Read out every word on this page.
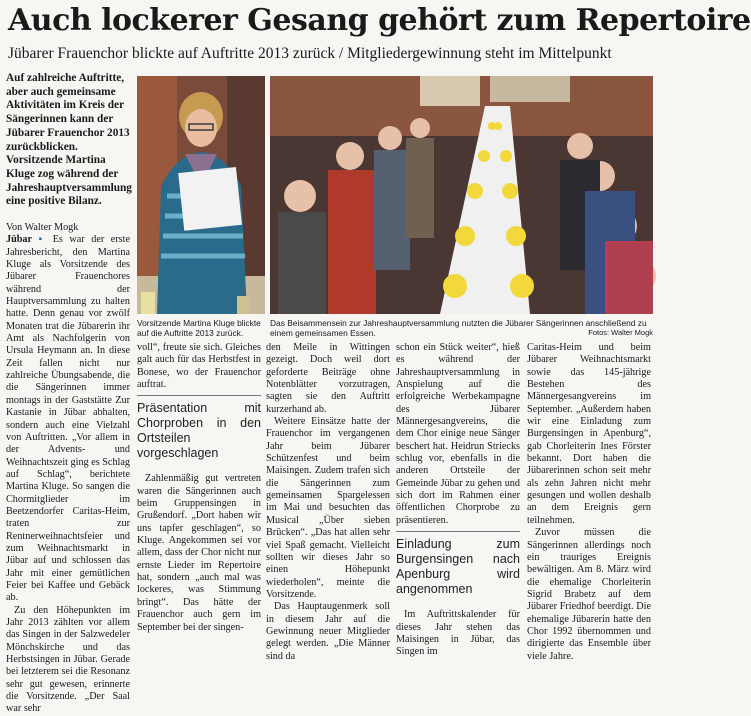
Auch lockerer Gesang gehört zum Repertoire
Jübarer Frauenchor blickte auf Auftritte 2013 zurück / Mitgliedergewinnung steht im Mittelpunkt

Auf zahlreiche Auftritte, aber auch gemeinsame Aktivitäten im Kreis der Sängerinnen kann der Jübarer Frauenchor 2013 zurückblicken. Vorsitzende Martina Kluge zog während der Jahreshauptversammlung eine positive Bilanz.

Vorsitzende Martina Kluge blickte auf die Auftritte 2013 zurück.
Das Beisammensein zur Jahreshauptversammlung nutzten die Jübarer Sängerinnen anschließend zu einem gemeinsamen Essen.	Fotos: Walter Mogk

Von Walter Mogk

Jübar ▪ Es war der erste Jahresbericht, den Martina Kluge als Vorsitzende des Jübarer Frauenchores während der Hauptversammlung zu halten hatte. Denn genau vor zwölf Monaten trat die Jübarerin ihr Amt als Nachfolgerin von Ursula Heymann an. In diese Zeit fallen nicht nur zahlreiche Übungsabende, die die Sängerinnen immer montags in der Gaststätte Zur Kastanie in Jübar abhalten, sondern auch eine Vielzahl von Auftritten. „Vor allem in der Advents- und Weihnachtszeit ging es Schlag auf Schlag“, berichtete Martina Kluge. So sangen die Chormitglieder im Beetzendorfer Caritas-Heim, traten zur Rentnerweihnachtsfeier und zum Weihnachtsmarkt in Jübar auf und schlossen das Jahr mit einer gemütlichen Feier bei Kaffee und Gebäck ab.

Zu den Höhepunkten im Jahr 2013 zählten vor allem das Singen in der Salzwedeler Mönchskirche und das Herbstsingen in Jübar. Gerade bei letzterem sei die Resonanz sehr gut gewesen, erinnerte die Vorsitzende. „Der Saal war sehr

voll“, freute sie sich. Gleiches galt auch für das Herbstfest in Bonese, wo der Frauenchor auftrat.

Präsentation mit Chorproben in den Ortsteilen vorgeschlagen

Zahlenmäßig gut vertreten waren die Sängerinnen auch beim Gruppensingen in Grußendorf. „Dort haben wir uns tapfer geschlagen“, so Kluge. Angekommen sei vor allem, dass der Chor nicht nur ernste Lieder im Repertoire hat, sondern „auch mal was lockeres, was Stimmung bringt“. Das hätte der Frauenchor auch gern im September bei der singen-

den Meile in Wittingen gezeigt. Doch weil dort geforderte Beiträge ohne Notenblätter vorzutragen, sagten sie den Auftritt kurzerhand ab.

Weitere Einsätze hatte der Frauenchor im vergangenen Jahr beim Jübarer Schützenfest und beim Maisingen. Zudem trafen sich die Sängerinnen zum gemeinsamen Spargelessen im Mai und besuchten das Musical „Über sieben Brücken“. „Das hat allen sehr viel Spaß gemacht. Vielleicht sollten wir dieses Jahr so einen Höhepunkt wiederholen“, meinte die Vorsitzende.

Das Hauptaugenmerk soll in diesem Jahr auf die Gewinnung neuer Mitglieder gelegt werden. „Die Männer sind da

schon ein Stück weiter“, hieß es während der Jahreshauptversammlung in Anspielung auf die erfolgreiche Werbekampagne des Jübarer Männergesangvereins, die dem Chor einige neue Sänger beschert hat. Heidrun Striecks schlug vor, ebenfalls in die anderen Ortsteile der Gemeinde Jübar zu gehen und sich dort im Rahmen einer öffentlichen Chorprobe zu präsentieren.

Einladung zum Burgensingen nach Apenburg wird angenommen

Im Auftrittskalender für dieses Jahr stehen das Maisingen in Jübar, das Singen im

Caritas-Heim und beim Jübarer Weihnachtsmarkt sowie das 145-jährige Bestehen des Männergesangvereins im September. „Außerdem haben wir eine Einladung zum Burgensingen in Apenburg“, gab Chorleiterin Ines Förster bekannt. Dort haben die Jübarerinnen schon seit mehr als zehn Jahren nicht mehr gesungen und wollen deshalb an dem Ereignis gern teilnehmen.

Zuvor müssen die Sängerinnen allerdings noch ein trauriges Ereignis bewältigen. Am 8. März wird die ehemalige Chorleiterin Sigrid Brabetz auf dem Jübarer Friedhof beerdigt. Die ehemalige Jübarerin hatte den Chor 1992 übernommen und dirigierte das Ensemble über viele Jahre.
